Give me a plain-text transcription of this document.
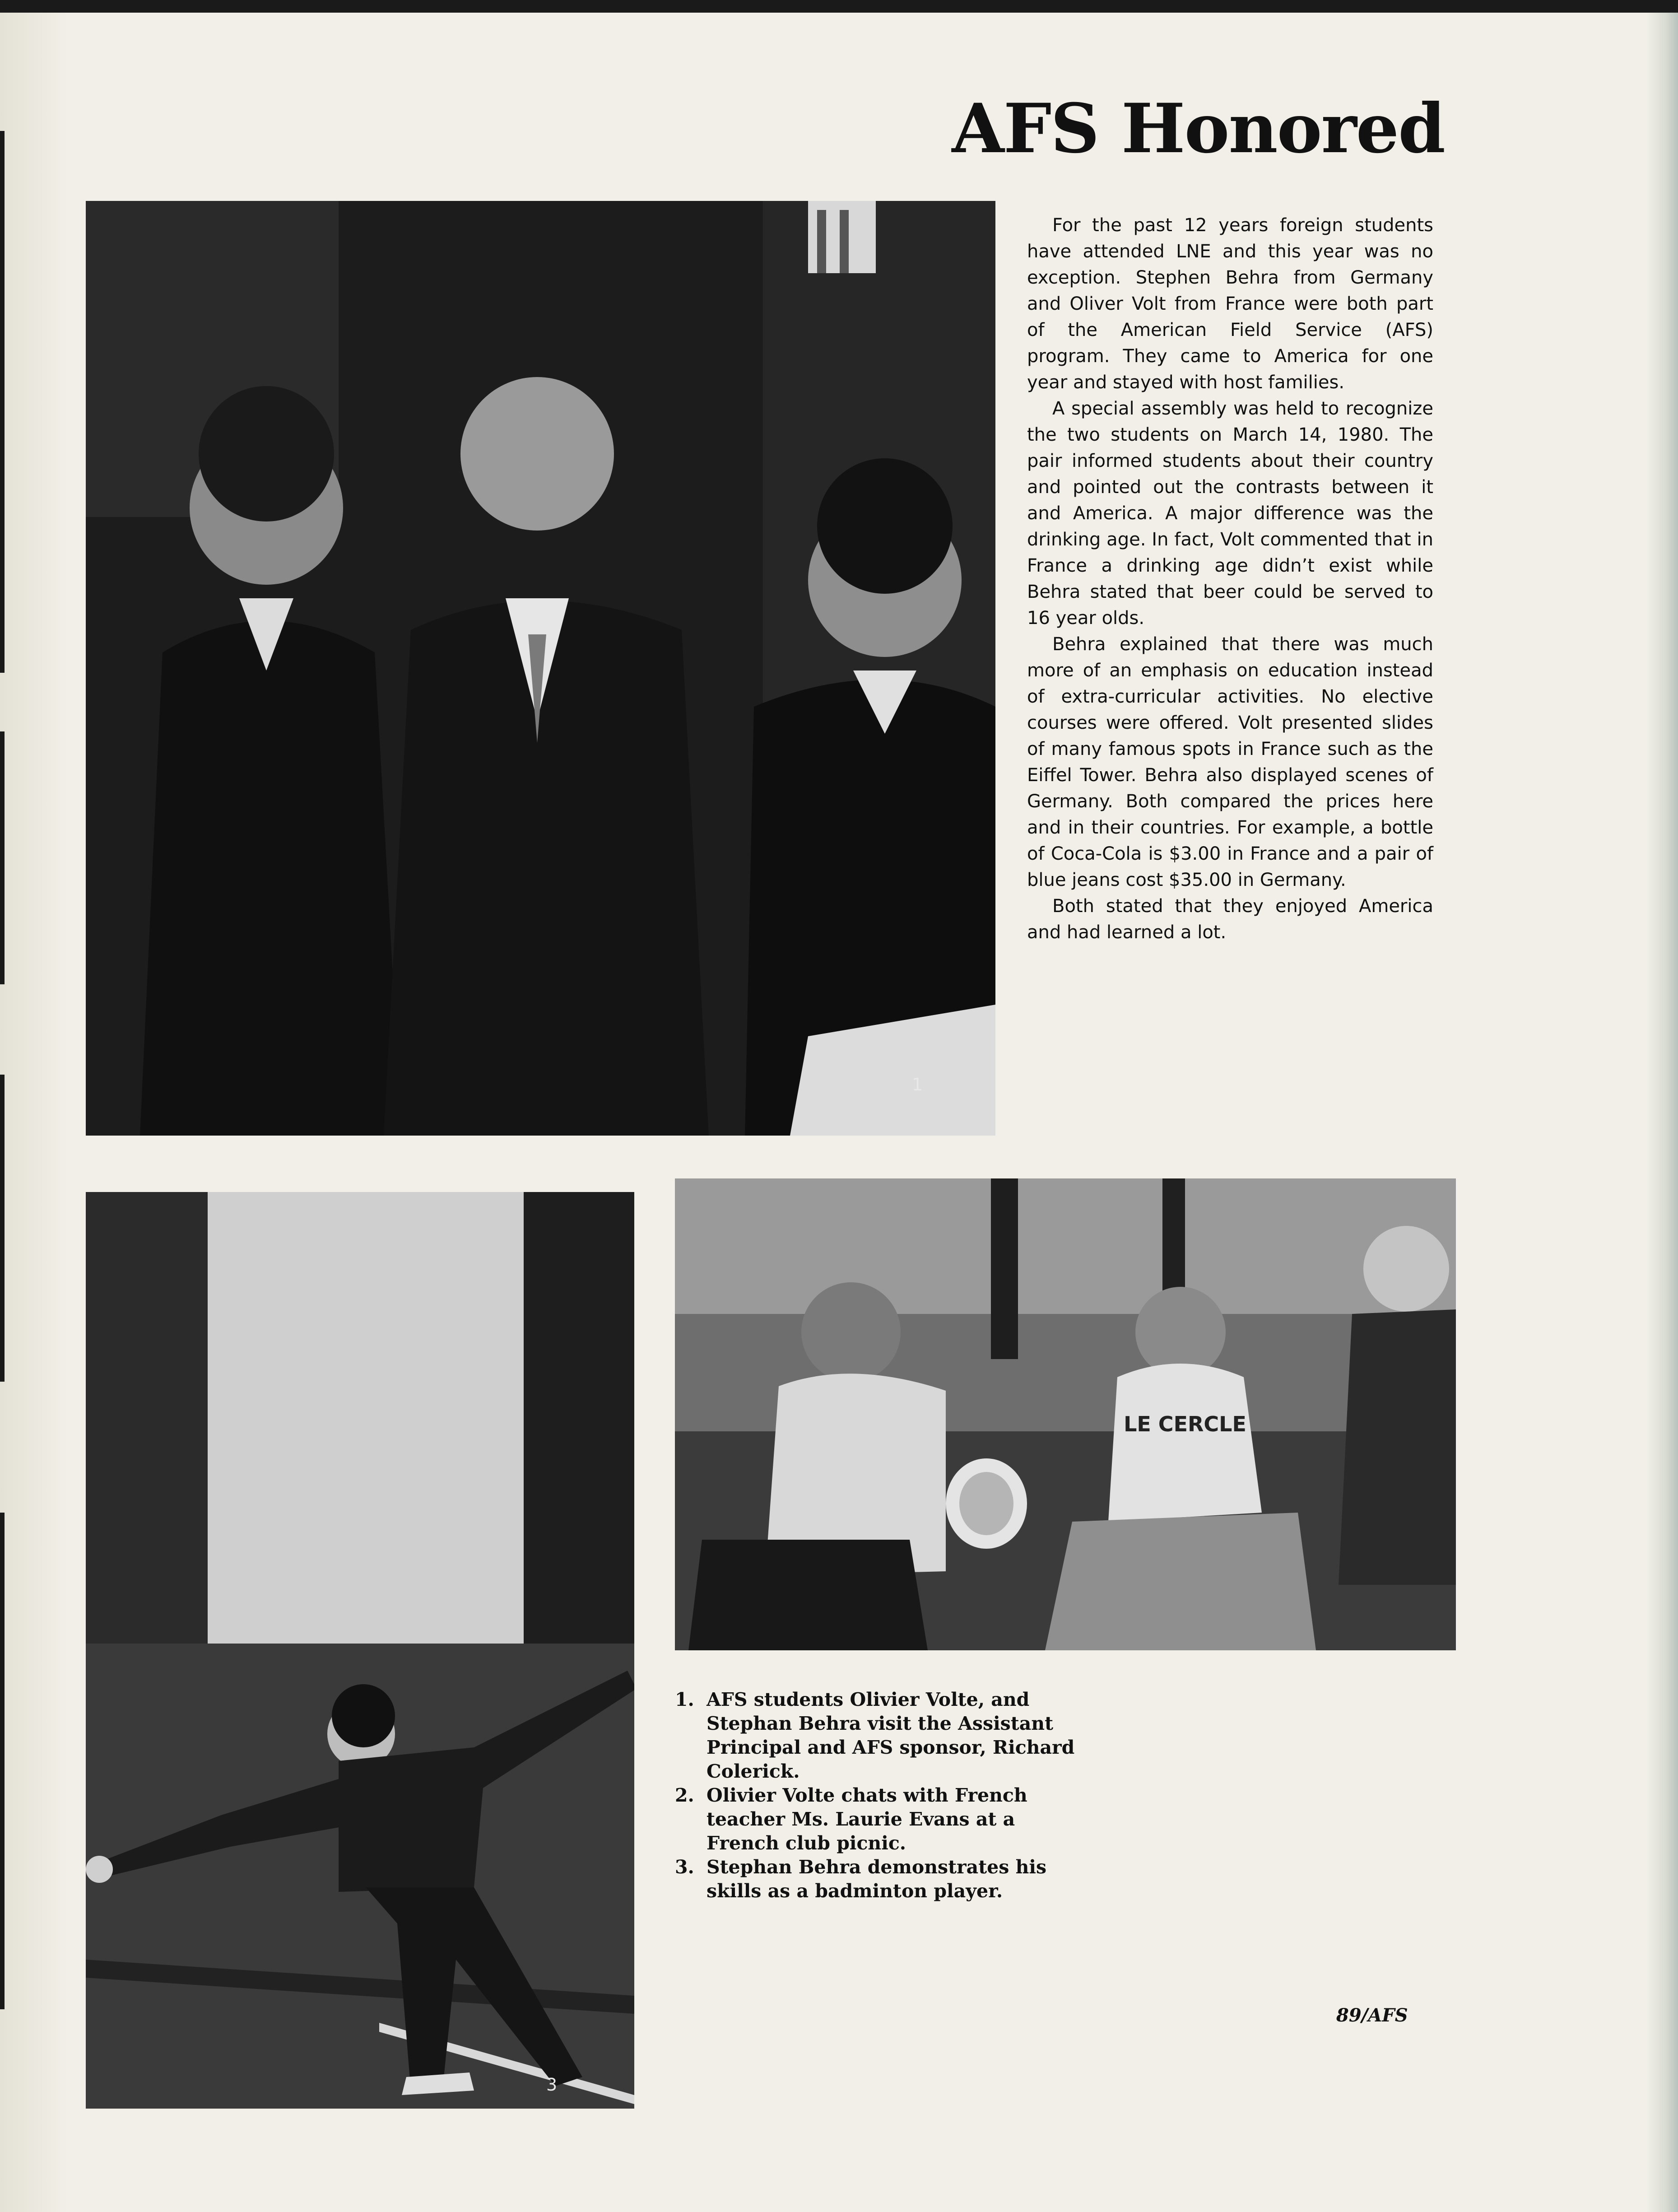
AFS Honored
1

For the past 12 years foreign students have attended LNE and this year was no exception. Stephen Behra from Germany and Oliver Volt from France were both part of the American Field Service (AFS) program. They came to America for one year and stayed with host families.

A special assembly was held to recognize the two students on March 14, 1980. The pair informed students about their country and pointed out the contrasts between it and America. A major difference was the drinking age. In fact, Volt commented that in France a drinking age didn’t exist while Behra stated that beer could be served to 16 year olds.

Behra explained that there was much more of an emphasis on education instead of extra-curricular activities. No elective courses were offered. Volt presented slides of many famous spots in France such as the Eiffel Tower. Behra also displayed scenes of Germany. Both compared the prices here and in their countries. For example, a bottle of Coca-Cola is $3.00 in France and a pair of blue jeans cost $35.00 in Germany.

Both stated that they enjoyed America and had learned a lot.

3
LE CERCLE
1. AFS students Olivier Volte, and Stephan Behra visit the Assistant Principal and AFS sponsor, Richard Colerick.
2. Olivier Volte chats with French teacher Ms. Laurie Evans at a French club picnic.
3. Stephan Behra demonstrates his skills as a badminton player.
89/AFS
